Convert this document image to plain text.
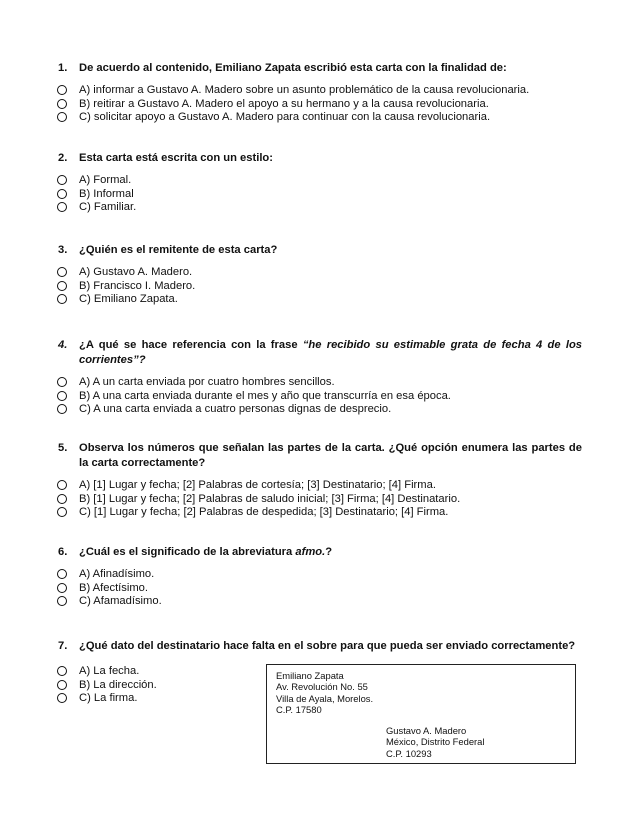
1. De acuerdo al contenido, Emiliano Zapata escribió esta carta con la finalidad de:
A) informar a Gustavo A. Madero sobre un asunto problemático de la causa revolucionaria.
B) reitirar a Gustavo A. Madero el apoyo a su hermano y a la causa revolucionaria.
C) solicitar apoyo a Gustavo A. Madero para continuar con la causa revolucionaria.
2. Esta carta está escrita con un estilo:
A) Formal.
B) Informal
C) Familiar.
3. ¿Quién es el remitente de esta carta?
A) Gustavo A. Madero.
B) Francisco I. Madero.
C) Emiliano Zapata.
4. ¿A qué se hace referencia con la frase “he recibido su estimable grata de fecha 4 de los corrientes”?
A) A un carta enviada por cuatro hombres sencillos.
B) A una carta enviada durante el mes y año que transcurría en esa época.
C) A una carta enviada a cuatro personas dignas de desprecio.
5. Observa los números que señalan las partes de la carta. ¿Qué opción enumera las partes de la carta correctamente?
A) [1] Lugar y fecha; [2] Palabras de cortesía; [3] Destinatario; [4] Firma.
B) [1] Lugar y fecha; [2] Palabras de saludo inicial; [3] Firma; [4] Destinatario.
C) [1] Lugar y fecha; [2] Palabras de despedida; [3] Destinatario; [4] Firma.
6. ¿Cuál es el significado de la abreviatura afmo.?
A) Afinadísimo.
B) Afectísimo.
C) Afamadísimo.
7. ¿Qué dato del destinatario hace falta en el sobre para que pueda ser enviado correctamente?
A) La fecha.
B) La dirección.
C) La firma.
Emiliano Zapata
Av. Revolución No. 55
Villa de Ayala, Morelos.
C.P. 17580
Gustavo A. Madero
México, Distrito Federal
C.P. 10293
